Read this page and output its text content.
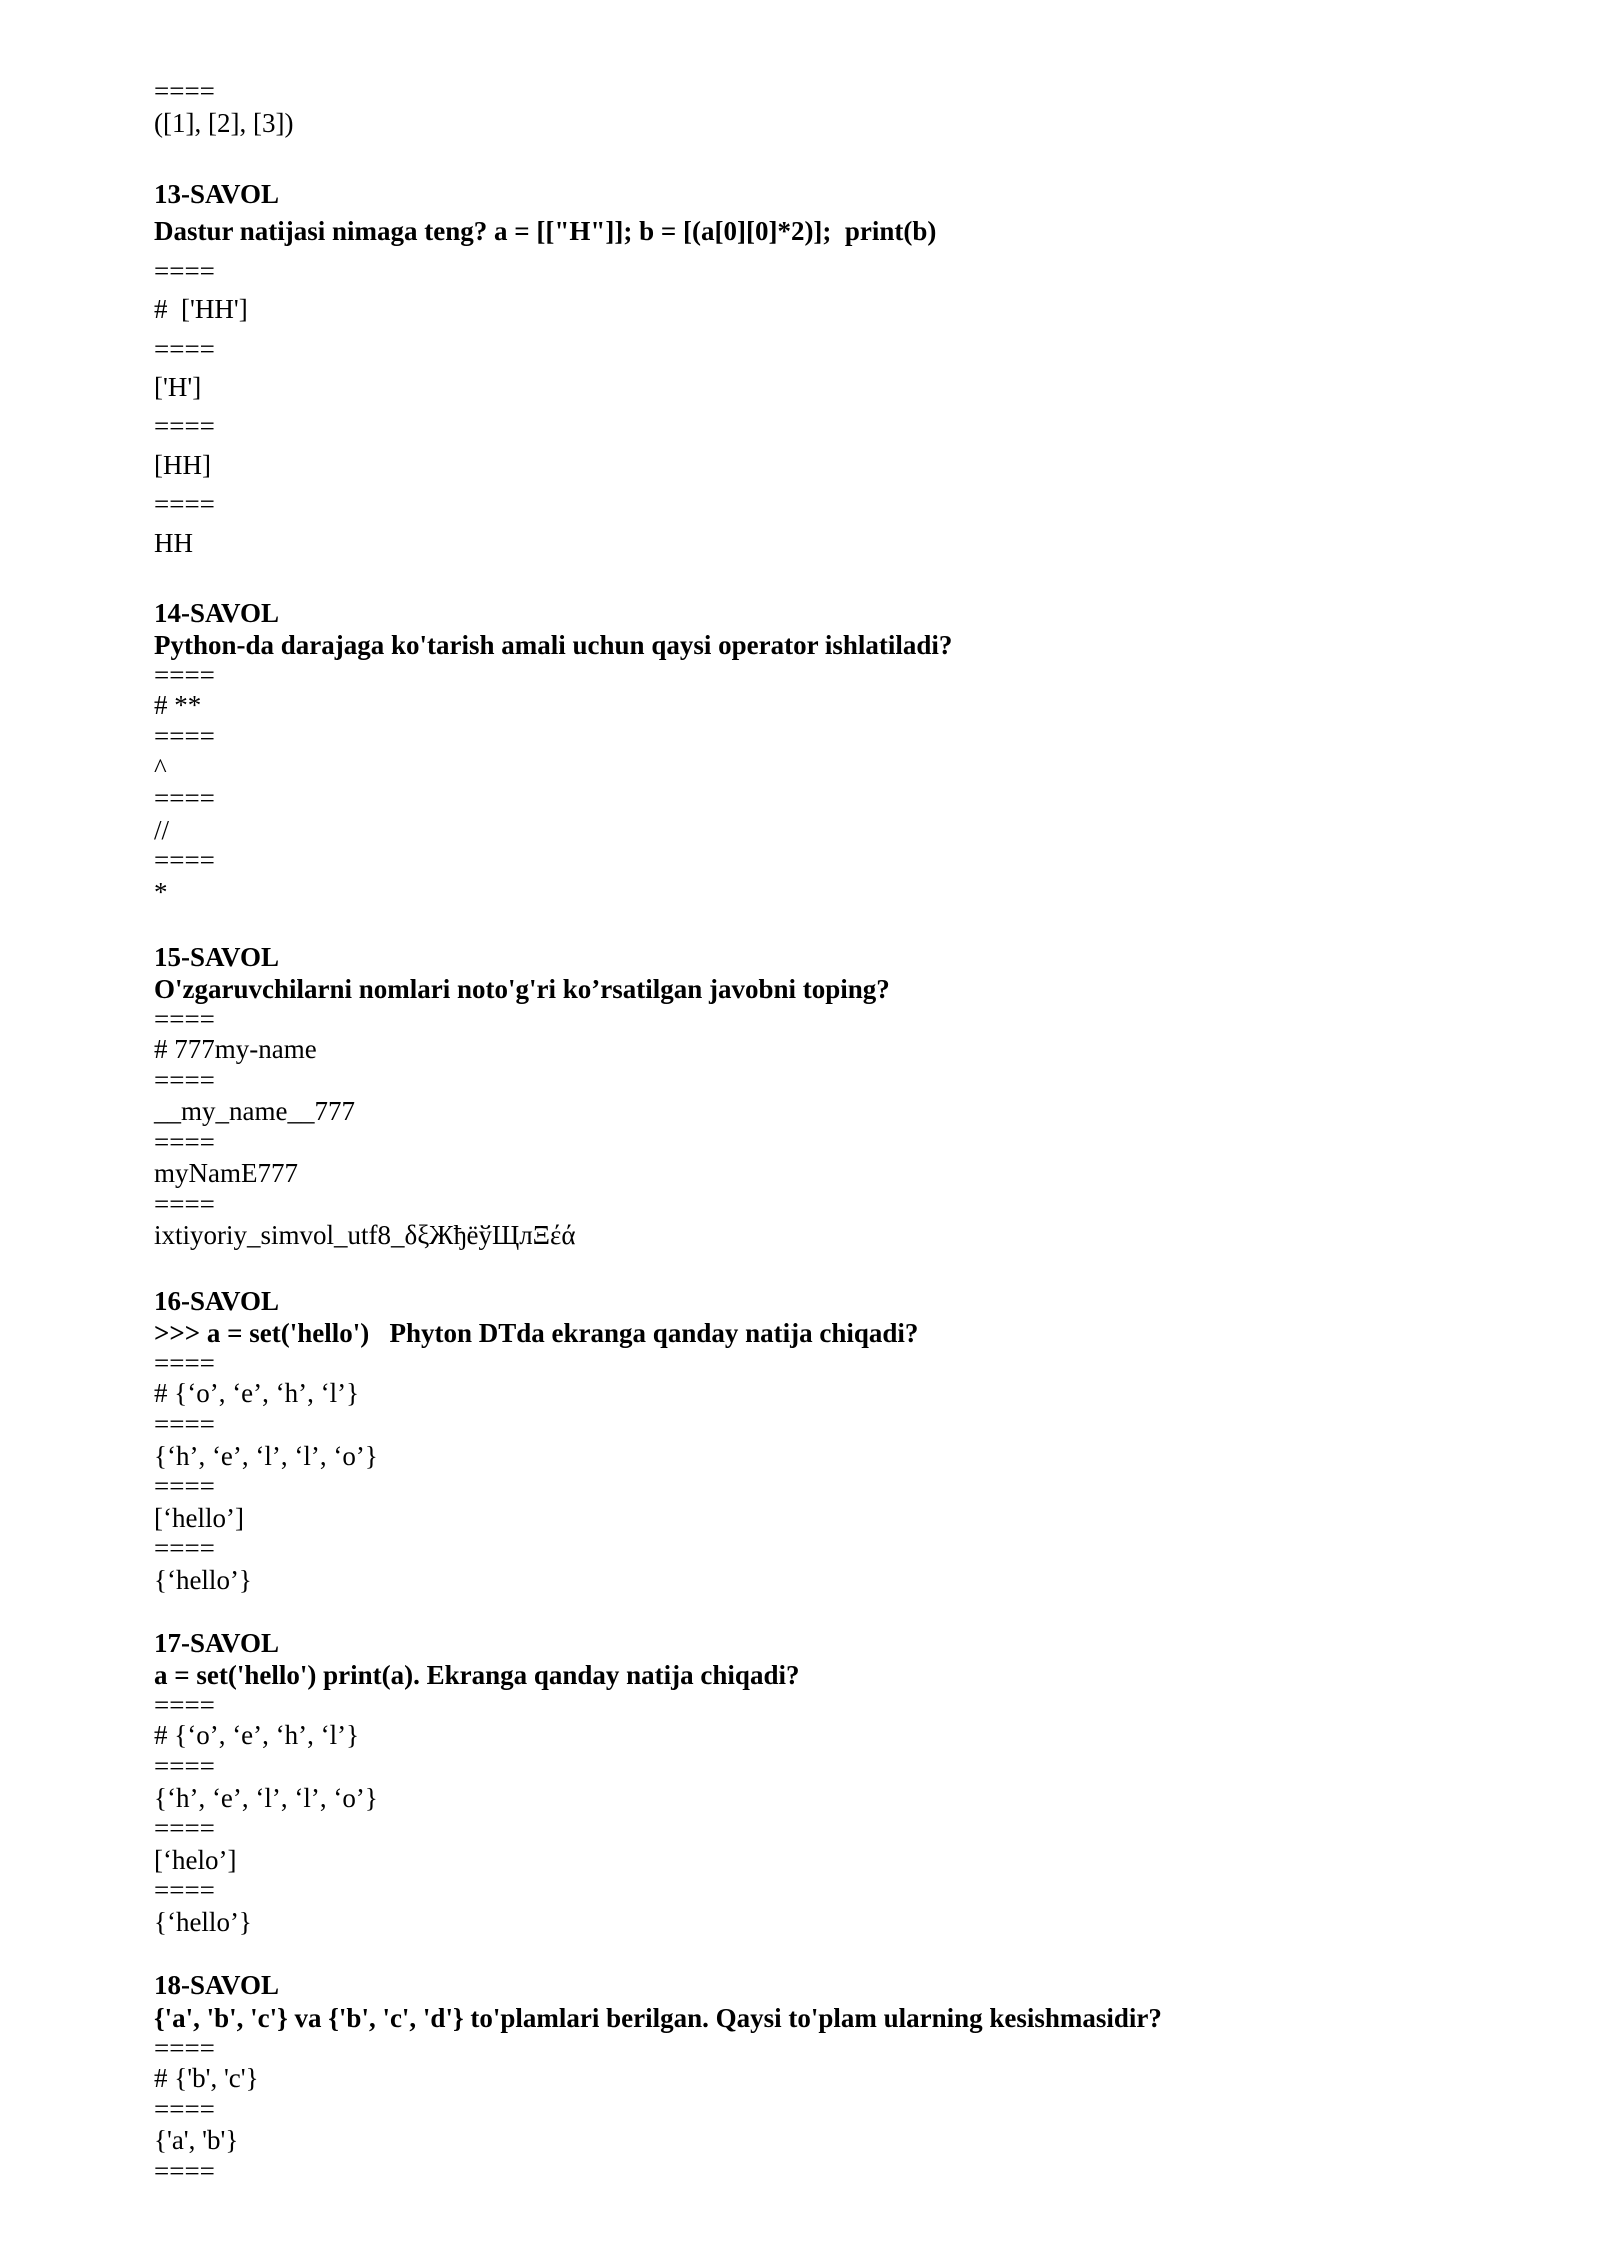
====
([1], [2], [3])
13-SAVOL
Dastur natijasi nimaga teng? a = [["H"]]; b = [(a[0][0]*2)];  print(b)
====
#  ['HH']
====
['H']
====
[HH]
====
HH
14-SAVOL
Python-da darajaga ko'tarish amali uchun qaysi operator ishlatiladi?
====
# **
====
^
====
//
====
*
15-SAVOL
O'zgaruvchilarni nomlari noto'g'ri ko’rsatilgan javobni toping?
====
# 777my-name
====
__my_name__777
====
myNamE777
====
ixtiyoriy_simvol_utf8_δξЖђёўЩлΞέά
16-SAVOL
>>> a = set('hello')   Phyton DTda ekranga qanday natija chiqadi?
====
# {‘o’, ‘e’, ‘h’, ‘l’}
====
{‘h’, ‘e’, ‘l’, ‘l’, ‘o’}
====
[‘hello’]
====
{‘hello’}
17-SAVOL
a = set('hello') print(a). Ekranga qanday natija chiqadi?
====
# {‘o’, ‘e’, ‘h’, ‘l’}
====
{‘h’, ‘e’, ‘l’, ‘l’, ‘o’}
====
[‘helo’]
====
{‘hello’}
18-SAVOL
{'a', 'b', 'c'} va {'b', 'c', 'd'} to'plamlari berilgan. Qaysi to'plam ularning kesishmasidir?
====
# {'b', 'c'}
====
{'a', 'b'}
====
